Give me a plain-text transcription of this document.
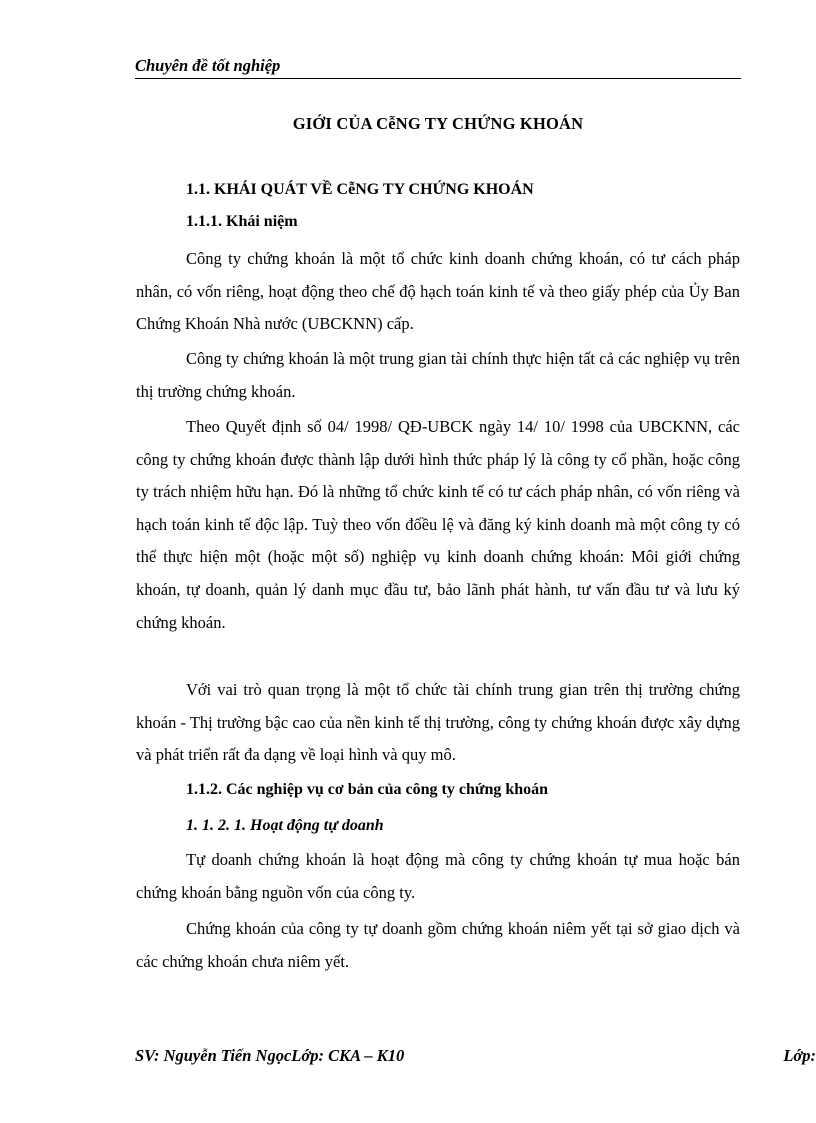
Chuyên đề tốt nghiệp
GIỚI CỦA CễNG TY CHỨNG KHOÁN
1.1. KHÁI QUÁT VỀ CễNG TY CHỨNG KHOÁN
1.1.1. Khái niệm

Công ty chứng khoán là một tổ chức kinh doanh chứng khoán, có tư cách pháp nhân, có vốn riêng, hoạt động theo chế độ hạch toán kinh tế và theo giấy phép của Ủy Ban Chứng Khoán Nhà nước (UBCKNN) cấp.

Công ty chứng khoán là một trung gian tài chính thực hiện tất cả các nghiệp vụ trên thị trường chứng khoán.

Theo Quyết định số 04/ 1998/ QĐ-UBCK ngày 14/ 10/ 1998 của UBCKNN, các công ty chứng khoán được thành lập dưới hình thức pháp lý là công ty cổ phần, hoặc công ty trách nhiệm hữu hạn. Đó là những tổ chức kinh tế có tư cách pháp nhân, có vốn riêng và hạch toán kinh tế độc lập. Tuỳ theo vốn đốều lệ và đăng ký kinh doanh mà một công ty có thể thực hiện một (hoặc một số) nghiệp vụ kinh doanh chứng khoán: Môi giới chứng khoán, tự doanh, quản lý danh mục đầu tư, bảo lãnh phát hành, tư vấn đầu tư và lưu ký chứng khoán.

Với vai trò quan trọng là một tổ chức tài chính trung gian trên thị trường chứng khoán - Thị trường bậc cao của nền kinh tế thị trường, công ty chứng khoán được xây dựng và phát triển rất đa dạng về loại hình và quy mô.

1.1.2. Các nghiệp vụ cơ bản của công ty chứng khoán
1. 1. 2. 1. Hoạt động tự doanh

Tự doanh chứng khoán là hoạt động mà công ty chứng khoán tự mua hoặc bán chứng khoán bằng nguồn vốn của công ty.

Chứng khoán của công ty tự doanh gồm chứng khoán niêm yết tại sở giao dịch và các chứng khoán chưa niêm yết.

SV: Nguyễn Tiến NgọcLớp: CKA – K10	Lớp:
